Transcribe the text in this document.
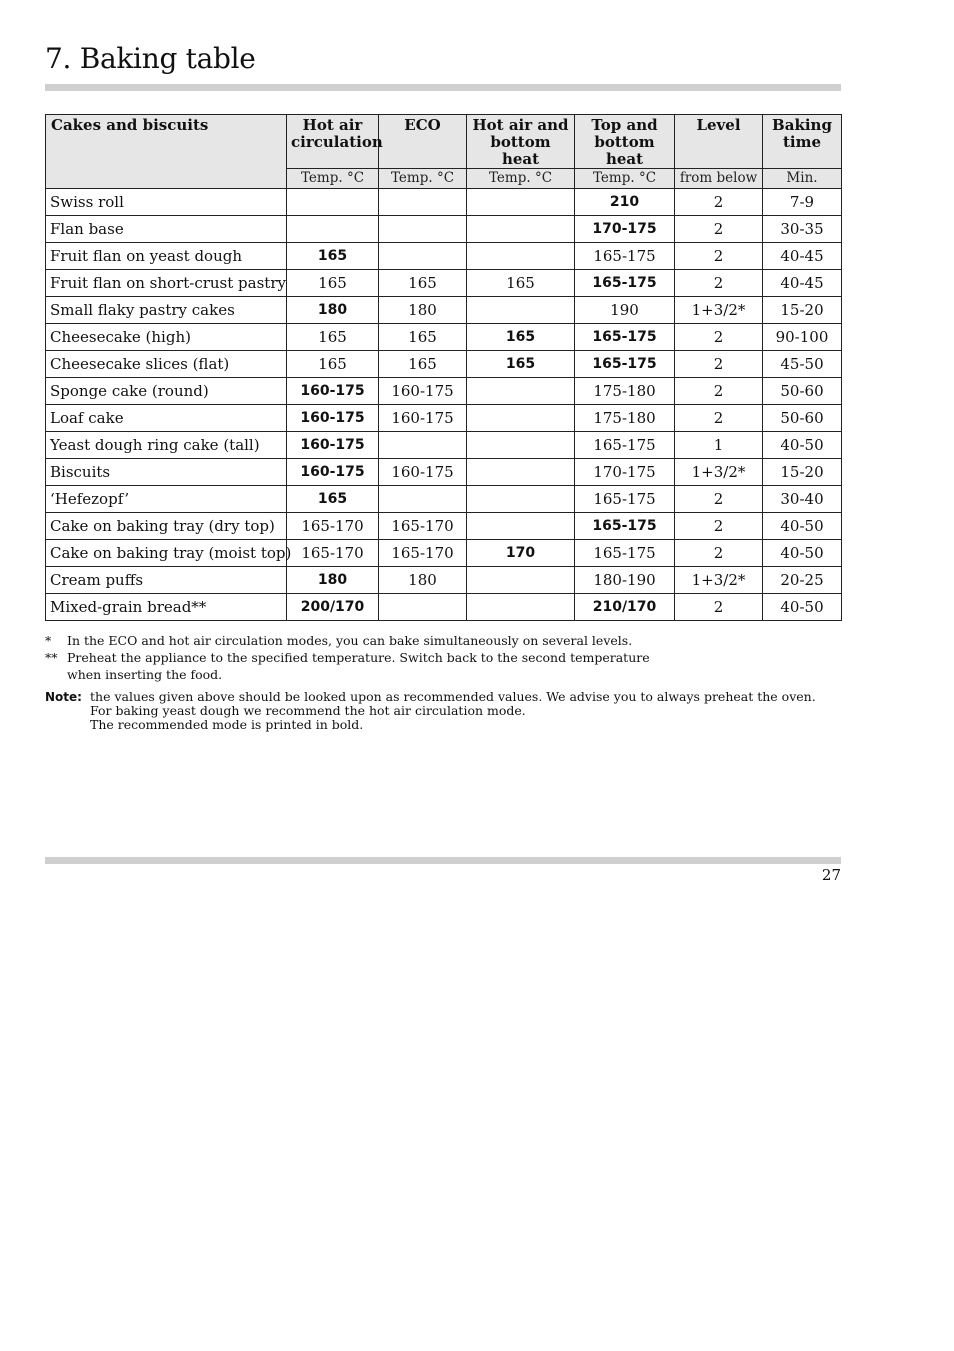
7. Baking table
Cakes and biscuits	Hot air circulation	ECO	Hot air and bottom heat	Top and bottom heat	Level	Baking time
	Temp. °C	Temp. °C	Temp. °C	Temp. °C	from below	Min.
Swiss roll				210	2	7-9
Flan base				170-175	2	30-35
Fruit flan on yeast dough	165			165-175	2	40-45
Fruit flan on short-crust pastry	165	165	165	165-175	2	40-45
Small flaky pastry cakes	180	180		190	1+3/2*	15-20
Cheesecake (high)	165	165	165	165-175	2	90-100
Cheesecake slices (flat)	165	165	165	165-175	2	45-50
Sponge cake (round)	160-175	160-175		175-180	2	50-60
Loaf cake	160-175	160-175		175-180	2	50-60
Yeast dough ring cake (tall)	160-175			165-175	1	40-50
Biscuits	160-175	160-175		170-175	1+3/2*	15-20
‘Hefezopf’	165			165-175	2	30-40
Cake on baking tray (dry top)	165-170	165-170		165-175	2	40-50
Cake on baking tray (moist top)	165-170	165-170	170	165-175	2	40-50
Cream puffs	180	180		180-190	1+3/2*	20-25
Mixed-grain bread**	200/170			210/170	2	40-50
* In the ECO and hot air circulation modes, you can bake simultaneously on several levels.
** Preheat the appliance to the specified temperature. Switch back to the second temperature
when inserting the food.
Note: the values given above should be looked upon as recommended values. We advise you to always preheat the oven.
For baking yeast dough we recommend the hot air circulation mode.
The recommended mode is printed in bold.
27
